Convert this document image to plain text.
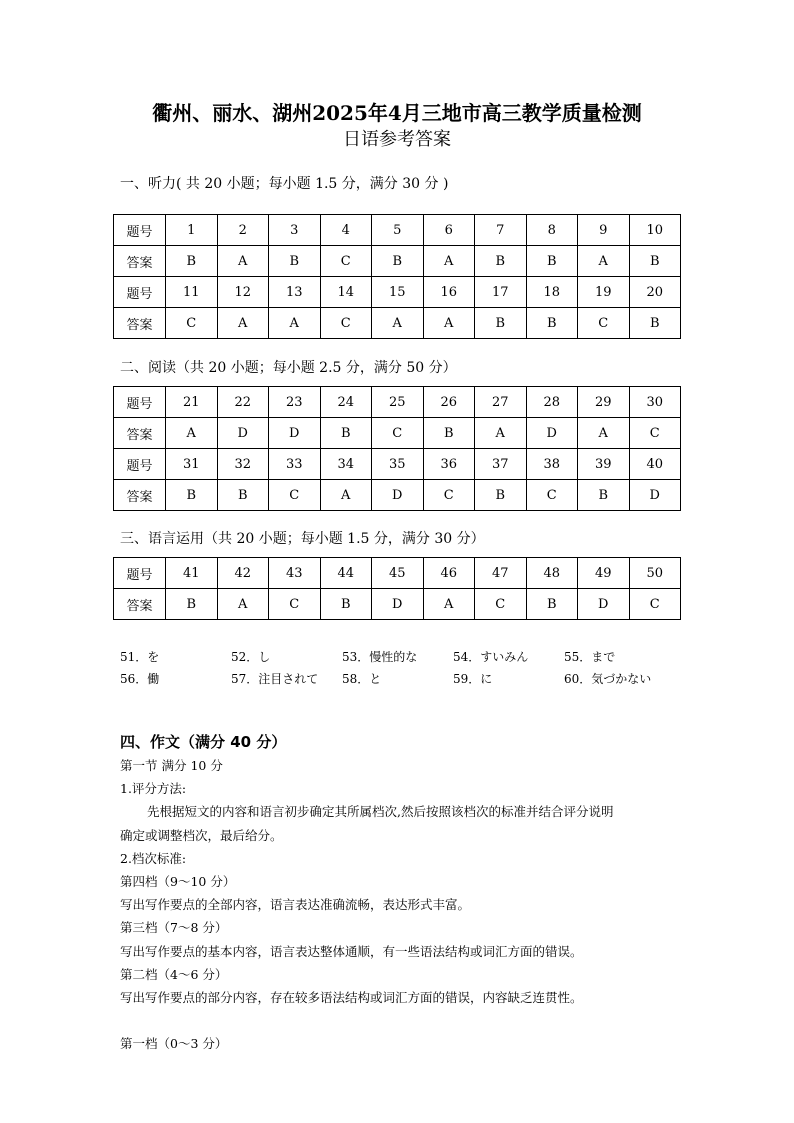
衢州、丽水、湖州2025年4月三地市高三教学质量检测
日语参考答案
一、听力( 共 20 小题；每小题 1.5 分，满分 30 分 )
题号	1	2	3	4	5	6	7	8	9	10
答案	B	A	B	C	B	A	B	B	A	B
题号	11	12	13	14	15	16	17	18	19	20
答案	C	A	A	C	A	A	B	B	C	B
二、阅读（共 20 小题；每小题 2.5 分，满分 50 分）
题号	21	22	23	24	25	26	27	28	29	30
答案	A	D	D	B	C	B	A	D	A	C
题号	31	32	33	34	35	36	37	38	39	40
答案	B	B	C	A	D	C	B	C	B	D
三、语言运用（共 20 小题；每小题 1.5 分，满分 30 分）
题号	41	42	43	44	45	46	47	48	49	50
答案	B	A	C	B	D	A	C	B	D	C
51．を	52．し	53．慢性的な	54．すいみん	55．まで
56．働	57．注目されて	58．と	59．に	60．気づかない
四、作文（满分 40 分）

第一节 满分 10 分

1.评分方法:

先根据短文的内容和语言初步确定其所属档次,然后按照该档次的标准并结合评分说明

确定或调整档次，最后给分。

2.档次标准:

第四档（9～10 分）

写出写作要点的全部内容，语言表达准确流畅，表达形式丰富。

第三档（7～8 分）

写出写作要点的基本内容，语言表达整体通顺，有一些语法结构或词汇方面的错误。

第二档（4～6 分）

写出写作要点的部分内容，存在较多语法结构或词汇方面的错误，内容缺乏连贯性。

第一档（0～3 分）
